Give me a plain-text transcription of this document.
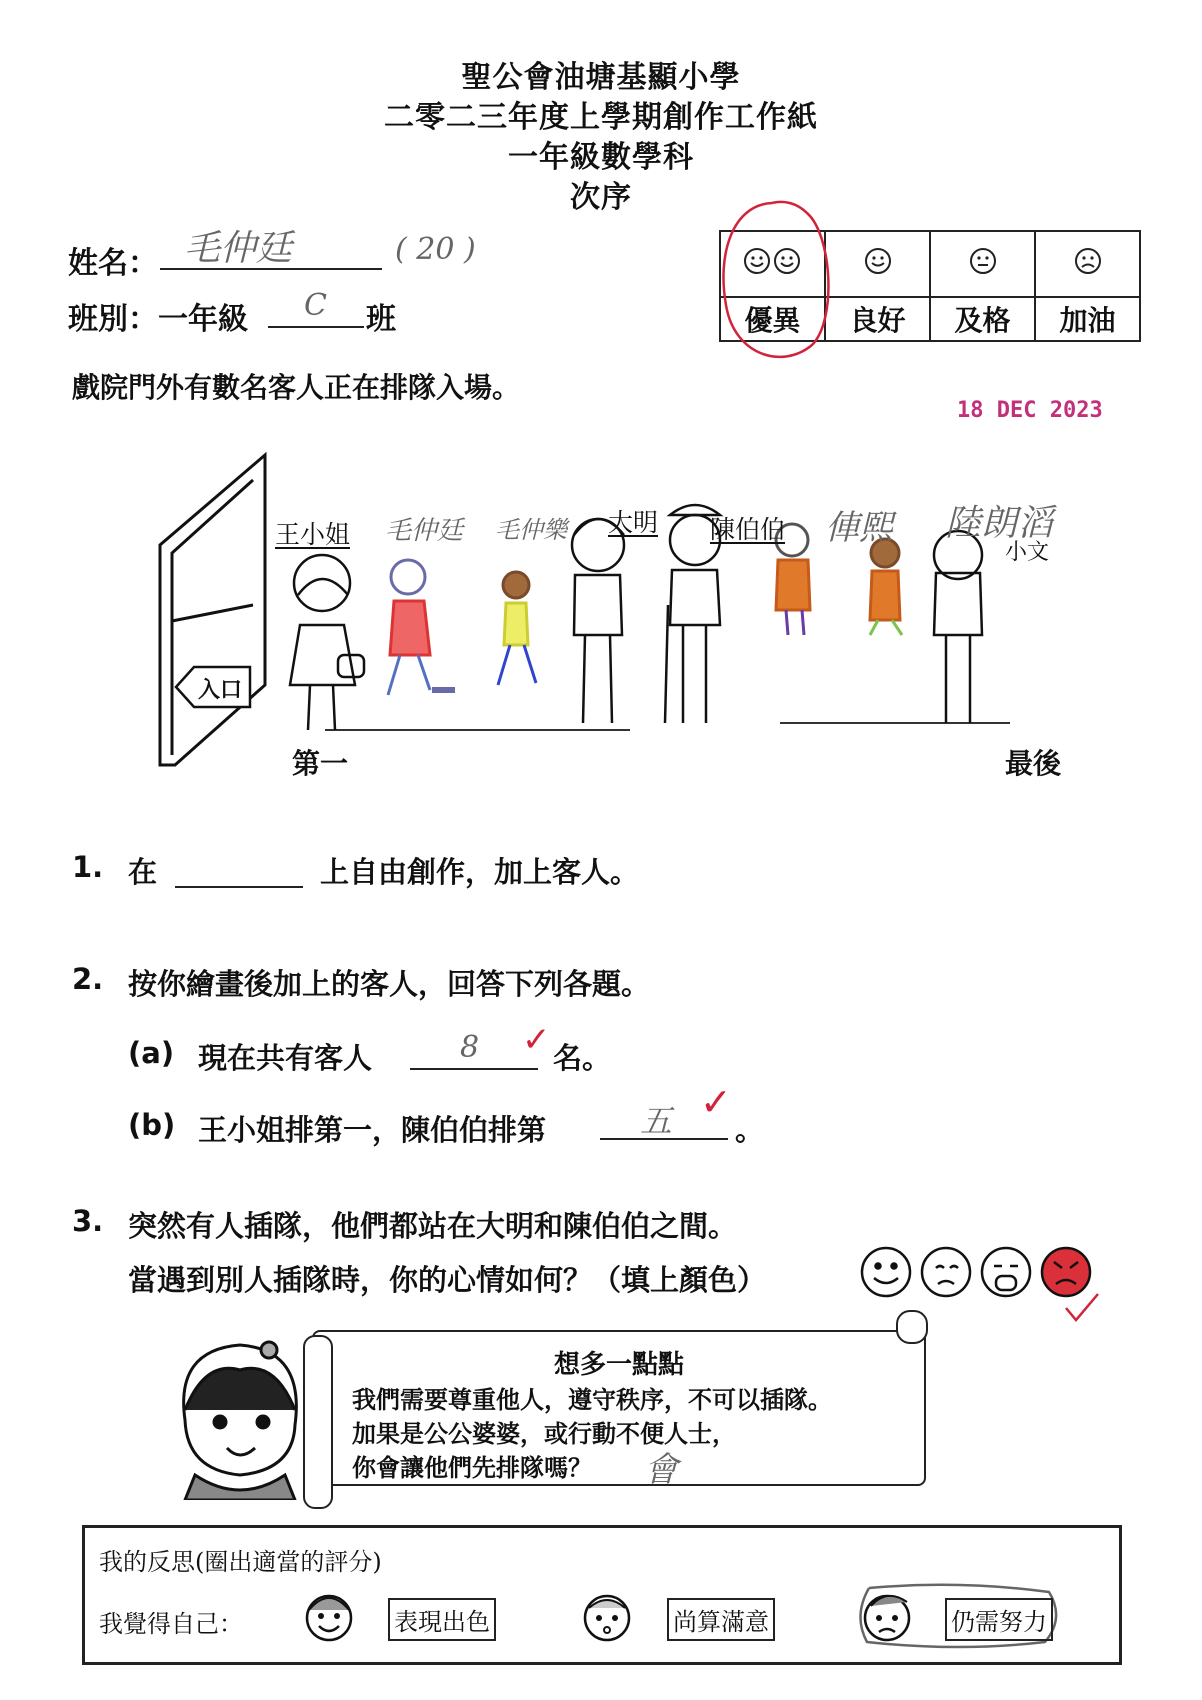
聖公會油塘基顯小學
二零二三年度上學期創作工作紙
一年級數學科
次序
姓名： 毛仲廷	( 20 )
班別：一年級 C 班
				優異	良好	及格	加油
戲院門外有數名客人正在排隊入場。
18 DEC 2023
入口
王小姐 毛仲廷 毛仲樂 大明 陳伯伯 俥熙 陸朗滔
小文
第一	最後
1. 在	上自由創作，加上客人。
2. 按你繪畫後加上的客人，回答下列各題。
(a) 現在共有客人	8 ✓ 名。
(b) 王小姐排第一，陳伯伯排第	五 ✓
。
3. 突然有人插隊，他們都站在大明和陳伯伯之間。
當遇到別人插隊時，你的心情如何？（填上顏色）
想多一點點
我們需要尊重他人，遵守秩序，不可以插隊。
加果是公公婆婆，或行動不便人士，
你會讓他們先排隊嗎？ 會
我的反思(圈出適當的評分)
我覺得自己：	表現出色	尚算滿意	仍需努力
